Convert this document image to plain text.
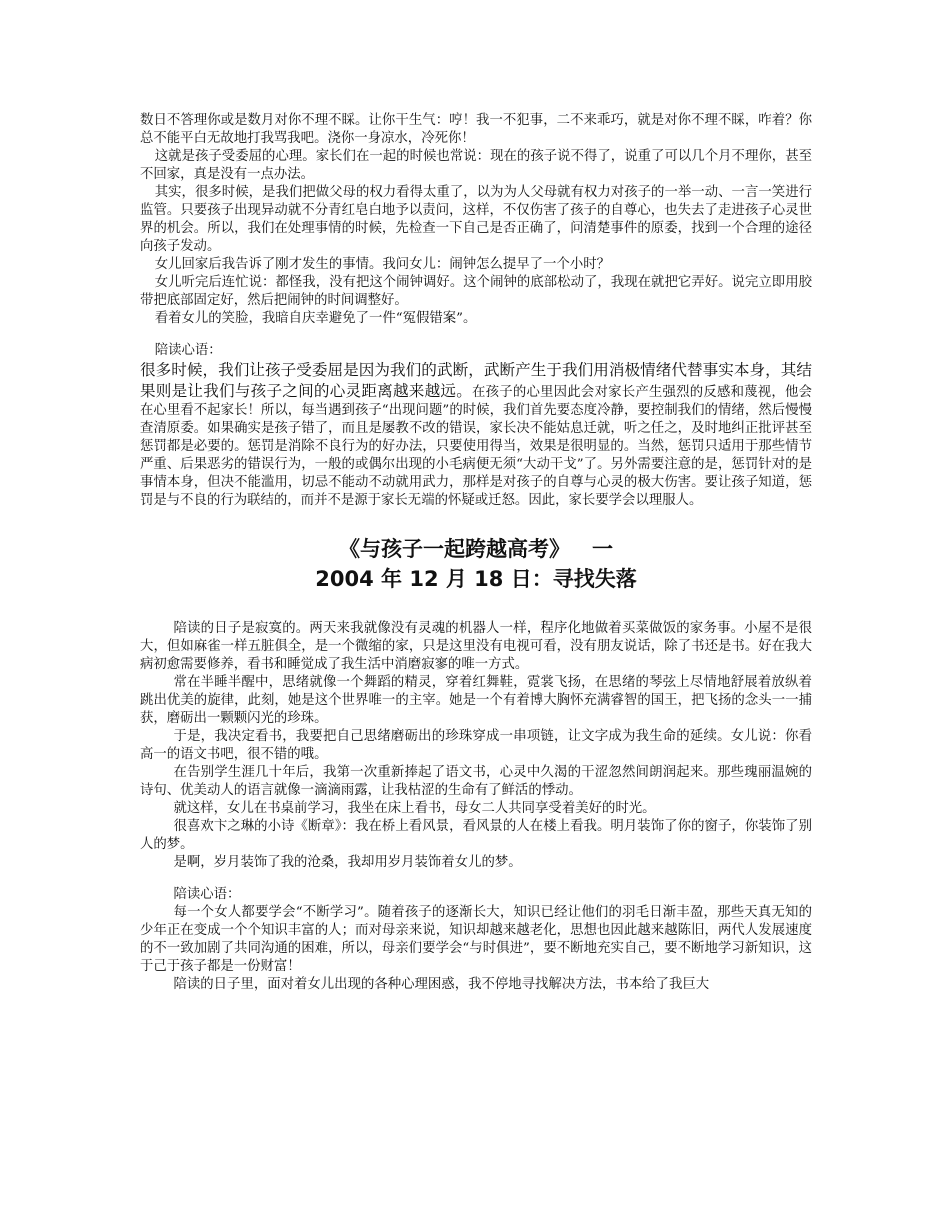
数日不答理你或是数月对你不理不睬。让你干生气：哼！我一不犯事，二不来乖巧，就是对你不理不睬，咋着？你总不能平白无故地打我骂我吧。浇你一身凉水，冷死你！

这就是孩子受委屈的心理。家长们在一起的时候也常说：现在的孩子说不得了，说重了可以几个月不理你，甚至不回家，真是没有一点办法。

其实，很多时候，是我们把做父母的权力看得太重了，以为为人父母就有权力对孩子的一举一动、一言一笑进行监管。只要孩子出现异动就不分青红皂白地予以责问，这样，不仅伤害了孩子的自尊心，也失去了走进孩子心灵世界的机会。所以，我们在处理事情的时候，先检查一下自己是否正确了，问清楚事件的原委，找到一个合理的途径向孩子发动。

女儿回家后我告诉了刚才发生的事情。我问女儿：闹钟怎么提早了一个小时？

女儿听完后连忙说：都怪我，没有把这个闹钟调好。这个闹钟的底部松动了，我现在就把它弄好。说完立即用胶带把底部固定好，然后把闹钟的时间调整好。

看着女儿的笑脸，我暗自庆幸避免了一件“冤假错案”。

陪读心语：

很多时候，我们让孩子受委屈是因为我们的武断，武断产生于我们用消极情绪代替事实本身，其结果则是让我们与孩子之间的心灵距离越来越远。在孩子的心里因此会对家长产生强烈的反感和蔑视，他会在心里看不起家长！所以，每当遇到孩子“出现问题”的时候，我们首先要态度冷静，要控制我们的情绪，然后慢慢查清原委。如果确实是孩子错了，而且是屡教不改的错误，家长决不能姑息迁就，听之任之，及时地纠正批评甚至惩罚都是必要的。惩罚是消除不良行为的好办法，只要使用得当，效果是很明显的。当然，惩罚只适用于那些情节严重、后果恶劣的错误行为，一般的或偶尔出现的小毛病便无须“大动干戈”了。另外需要注意的是，惩罚针对的是事情本身，但决不能滥用，切忌不能动不动就用武力，那样是对孩子的自尊与心灵的极大伤害。要让孩子知道，惩罚是与不良的行为联结的，而并不是源于家长无端的怀疑或迁怒。因此，家长要学会以理服人。
《与孩子一起跨越高考》   一
2004 年 12 月 18 日：寻找失落

陪读的日子是寂寞的。两天来我就像没有灵魂的机器人一样，程序化地做着买菜做饭的家务事。小屋不是很大，但如麻雀一样五脏俱全，是一个微缩的家，只是这里没有电视可看，没有朋友说话，除了书还是书。好在我大病初愈需要修养，看书和睡觉成了我生活中消磨寂寥的唯一方式。

常在半睡半醒中，思绪就像一个舞蹈的精灵，穿着红舞鞋，霓裳飞扬，在思绪的琴弦上尽情地舒展着放纵着跳出优美的旋律，此刻，她是这个世界唯一的主宰。她是一个有着博大胸怀充满睿智的国王，把飞扬的念头一一捕获，磨砺出一颗颗闪光的珍珠。

于是，我决定看书，我要把自己思绪磨砺出的珍珠穿成一串项链，让文字成为我生命的延续。女儿说：你看高一的语文书吧，很不错的哦。

在告别学生涯几十年后，我第一次重新捧起了语文书，心灵中久渴的干涩忽然间朗润起来。那些瑰丽温婉的诗句、优美动人的语言就像一滴滴雨露，让我枯涩的生命有了鲜活的悸动。

就这样，女儿在书桌前学习，我坐在床上看书，母女二人共同享受着美好的时光。

很喜欢卞之琳的小诗《断章》：我在桥上看风景，看风景的人在楼上看我。明月装饰了你的窗子，你装饰了别人的梦。

是啊，岁月装饰了我的沧桑，我却用岁月装饰着女儿的梦。

陪读心语：

每一个女人都要学会“不断学习”。随着孩子的逐渐长大，知识已经让他们的羽毛日渐丰盈，那些天真无知的少年正在变成一个个知识丰富的人；而对母亲来说，知识却越来越老化，思想也因此越来越陈旧，两代人发展速度的不一致加剧了共同沟通的困难，所以，母亲们要学会“与时俱进”，要不断地充实自己，要不断地学习新知识，这于己于孩子都是一份财富！

陪读的日子里，面对着女儿出现的各种心理困惑，我不停地寻找解决方法，书本给了我巨大
